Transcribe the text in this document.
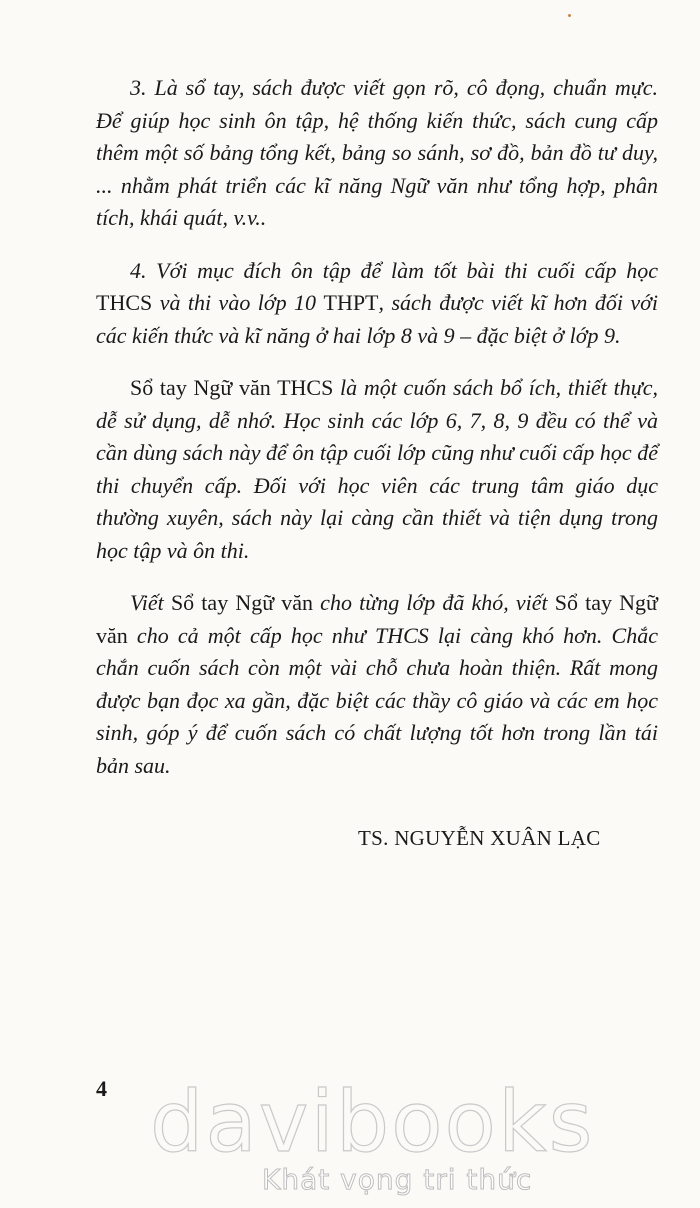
3. Là sổ tay, sách được viết gọn rõ, cô đọng, chuẩn mực. Để giúp học sinh ôn tập, hệ thống kiến thức, sách cung cấp thêm một số bảng tổng kết, bảng so sánh, sơ đồ, bản đồ tư duy, ... nhằm phát triển các kĩ năng Ngữ văn như tổng hợp, phân tích, khái quát, v.v..

4. Với mục đích ôn tập để làm tốt bài thi cuối cấp học THCS và thi vào lớp 10 THPT, sách được viết kĩ hơn đối với các kiến thức và kĩ năng ở hai lớp 8 và 9 – đặc biệt ở lớp 9.

Sổ tay Ngữ văn THCS là một cuốn sách bổ ích, thiết thực, dễ sử dụng, dễ nhớ. Học sinh các lớp 6, 7, 8, 9 đều có thể và cần dùng sách này để ôn tập cuối lớp cũng như cuối cấp học để thi chuyển cấp. Đối với học viên các trung tâm giáo dục thường xuyên, sách này lại càng cần thiết và tiện dụng trong học tập và ôn thi.

Viết Sổ tay Ngữ văn cho từng lớp đã khó, viết Sổ tay Ngữ văn cho cả một cấp học như THCS lại càng khó hơn. Chắc chắn cuốn sách còn một vài chỗ chưa hoàn thiện. Rất mong được bạn đọc xa gần, đặc biệt các thầy cô giáo và các em học sinh, góp ý để cuốn sách có chất lượng tốt hơn trong lần tái bản sau.

TS. NGUYỄN XUÂN LẠC
4 davibooks
Khát vọng tri thức
